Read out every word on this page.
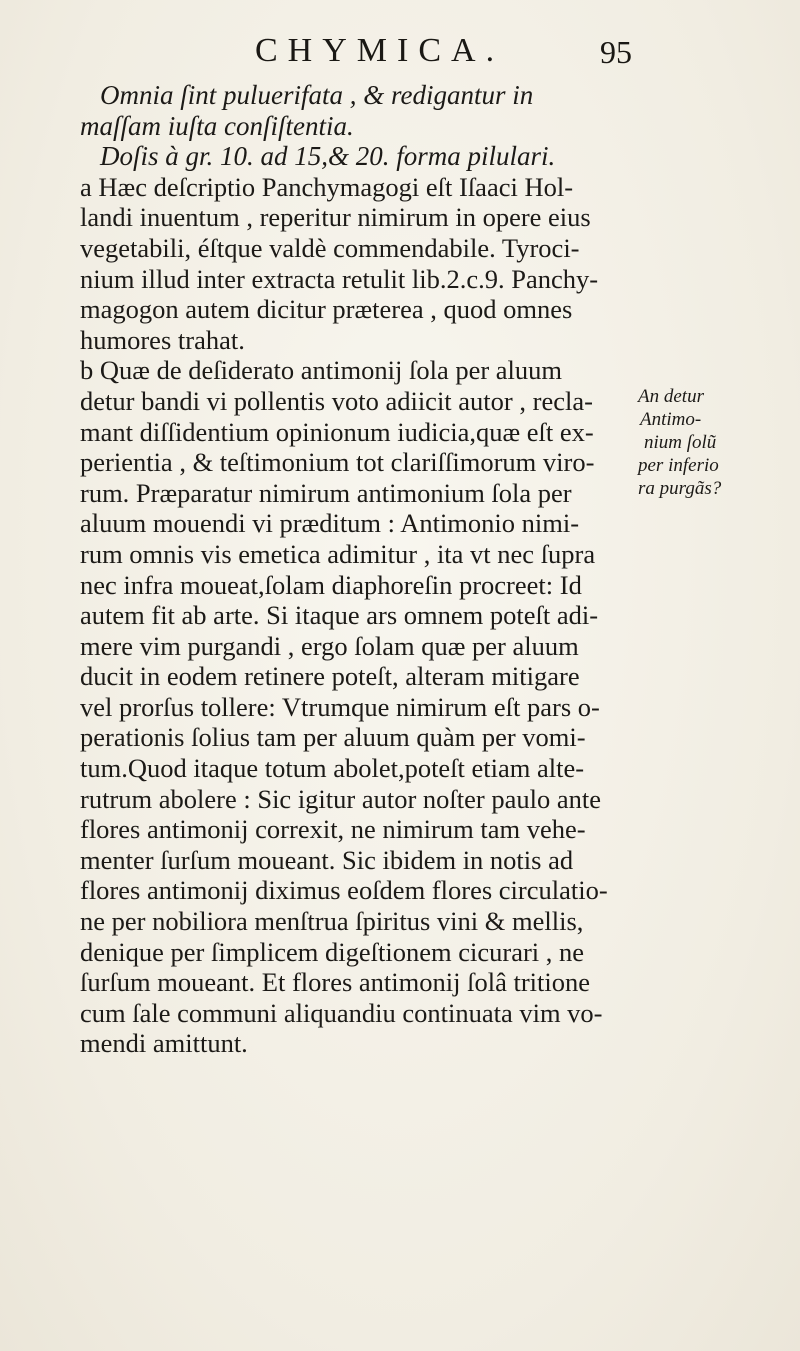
CHYMICA.	95
Omnia ſint puluerifata , & redigantur in
maſſam iuſta conſiſtentia.
Doſis à gr. 10. ad 15,& 20. forma pilulari.
a Hæc deſcriptio Panchymagogi eſt Iſaaci Hol-
landi inuentum , reperitur nimirum in opere eius
vegetabili, éſtque valdè commendabile. Tyroci-
nium illud inter extracta retulit lib.2.c.9. Panchy-
magogon autem dicitur præterea , quod omnes
humores trahat.
b Quæ de deſiderato antimonij ſola per aluum
detur bandi vi pollentis voto adiicit autor , recla-
mant diſſidentium opinionum iudicia,quæ eſt ex-
perientia , & teſtimonium tot clariſſimorum viro-
rum. Præparatur nimirum antimonium ſola per
aluum mouendi vi præditum : Antimonio nimi-
rum omnis vis emetica adimitur , ita vt nec ſupra
nec infra moueat,ſolam diaphoreſin procreet: Id
autem fit ab arte. Si itaque ars omnem poteſt adi-
mere vim purgandi , ergo ſolam quæ per aluum
ducit in eodem retinere poteſt, alteram mitigare
vel prorſus tollere: Vtrumque nimirum eſt pars o-
perationis ſolius tam per aluum quàm per vomi-
tum.Quod itaque totum abolet,poteſt etiam alte-
rutrum abolere : Sic igitur autor noſter paulo ante
flores antimonij correxit, ne nimirum tam vehe-
menter ſurſum moueant. Sic ibidem in notis ad
flores antimonij diximus eoſdem flores circulatio-
ne per nobiliora menſtrua ſpiritus vini & mellis,
denique per ſimplicem digeſtionem cicurari , ne
ſurſum moueant. Et flores antimonij ſolâ tritione
cum ſale communi aliquandiu continuata vim vo-
mendi amittunt.
An detur
Antimo-
nium ſolũ
per inferio
ra purgãs?
